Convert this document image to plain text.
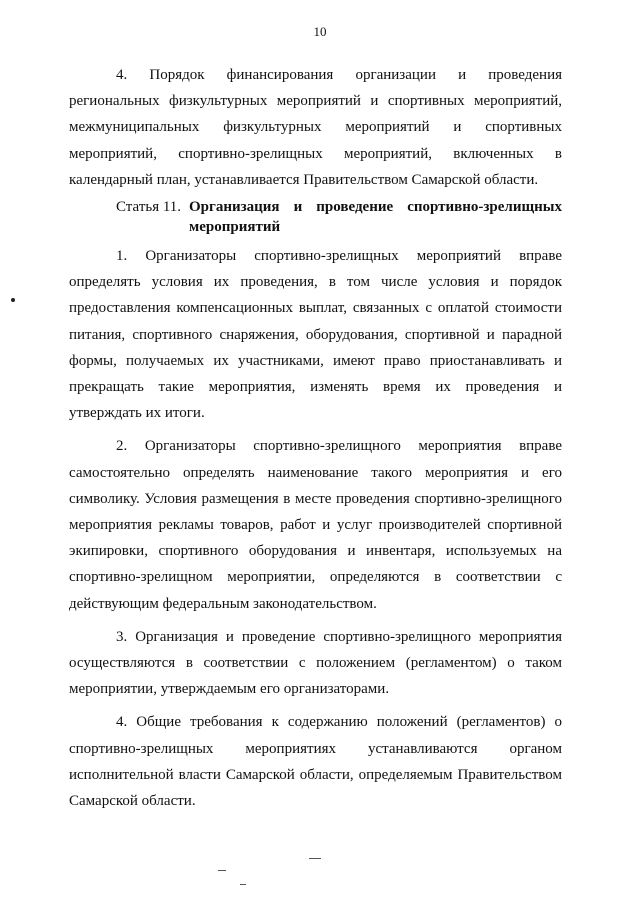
10

4. Порядок финансирования организации и проведения региональных физкультурных мероприятий и спортивных мероприятий, межмуниципальных физкультурных мероприятий и спортивных мероприятий, спортивно-зрелищных мероприятий, включенных в календарный план, устанавливается Правительством Самарской области.

Статья 11. Организация и проведение спортивно-зрелищных мероприятий

1. Организаторы спортивно-зрелищных мероприятий вправе определять условия их проведения, в том числе условия и порядок предоставления компенсационных выплат, связанных с оплатой стоимости питания, спортивного снаряжения, оборудования, спортивной и парадной формы, получаемых их участниками, имеют право приостанавливать и прекращать такие мероприятия, изменять время их проведения и утверждать их итоги.

2. Организаторы спортивно-зрелищного мероприятия вправе самостоятельно определять наименование такого мероприятия и его символику. Условия размещения в месте проведения спортивно-зрелищного мероприятия рекламы товаров, работ и услуг производителей спортивной экипировки, спортивного оборудования и инвентаря, используемых на спортивно-зрелищном мероприятии, определяются в соответствии с действующим федеральным законодательством.

3. Организация и проведение спортивно-зрелищного мероприятия осуществляются в соответствии с положением (регламентом) о таком мероприятии, утверждаемым его организаторами.

4. Общие требования к содержанию положений (регламентов) о спортивно-зрелищных мероприятиях устанавливаются органом исполнительной власти Самарской области, определяемым Правительством Самарской области.
